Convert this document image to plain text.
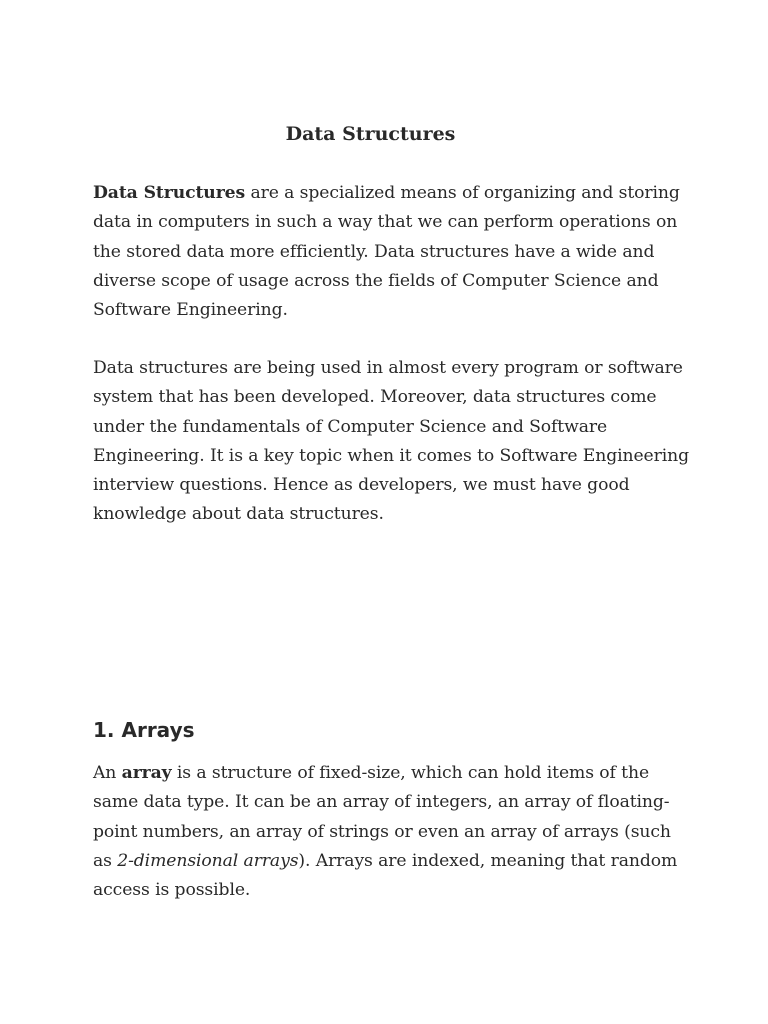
Data Structures

Data Structures are a specialized means of organizing and storing
data in computers in such a way that we can perform operations on
the stored data more efficiently. Data structures have a wide and
diverse scope of usage across the fields of Computer Science and
Software Engineering.

Data structures are being used in almost every program or software
system that has been developed. Moreover, data structures come
under the fundamentals of Computer Science and Software
Engineering. It is a key topic when it comes to Software Engineering
interview questions. Hence as developers, we must have good
knowledge about data structures.

1. Arrays

An array is a structure of fixed-size, which can hold items of the
same data type. It can be an array of integers, an array of floating-
point numbers, an array of strings or even an array of arrays (such
as 2-dimensional arrays). Arrays are indexed, meaning that random
access is possible.
